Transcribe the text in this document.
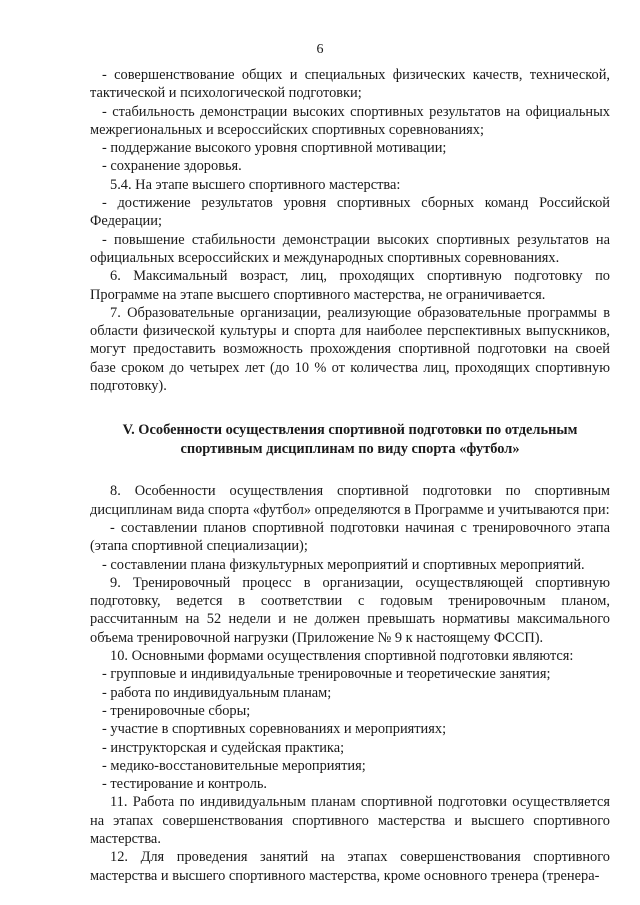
6

- совершенствование общих и специальных физических качеств, технической, тактической и психологической подготовки;

- стабильность демонстрации высоких спортивных результатов на официальных межрегиональных и всероссийских спортивных соревнованиях;

- поддержание высокого уровня спортивной мотивации;

- сохранение здоровья.

5.4. На этапе высшего спортивного мастерства:

- достижение результатов уровня спортивных сборных команд Российской Федерации;

- повышение стабильности демонстрации высоких спортивных результатов на официальных всероссийских и международных спортивных соревнованиях.

6. Максимальный возраст, лиц, проходящих спортивную подготовку по Программе на этапе высшего спортивного мастерства, не ограничивается.

7. Образовательные организации, реализующие образовательные программы в области физической культуры и спорта для наиболее перспективных выпускников, могут предоставить возможность прохождения спортивной подготовки на своей базе сроком до четырех лет (до 10 % от количества лиц, проходящих спортивную подготовку).

V. Особенности осуществления спортивной подготовки по отдельным
спортивным дисциплинам по виду спорта «футбол»

8. Особенности осуществления спортивной подготовки по спортивным дисциплинам вида спорта «футбол» определяются в Программе и учитываются при:

- составлении планов спортивной подготовки начиная с тренировочного этапа (этапа спортивной специализации);

- составлении плана физкультурных мероприятий и спортивных мероприятий.

9. Тренировочный процесс в организации, осуществляющей спортивную подготовку, ведется в соответствии с годовым тренировочным планом, рассчитанным на 52 недели и не должен превышать нормативы максимального объема тренировочной нагрузки (Приложение № 9 к настоящему ФССП).

10. Основными формами осуществления спортивной подготовки являются:

- групповые и индивидуальные тренировочные и теоретические занятия;

- работа по индивидуальным планам;

- тренировочные сборы;

- участие в спортивных соревнованиях и мероприятиях;

- инструкторская и судейская практика;

- медико-восстановительные мероприятия;

- тестирование и контроль.

11. Работа по индивидуальным планам спортивной подготовки осуществляется на этапах совершенствования спортивного мастерства и высшего спортивного мастерства.

12. Для проведения занятий на этапах совершенствования спортивного мастерства и высшего спортивного мастерства, кроме основного тренера (тренера-
